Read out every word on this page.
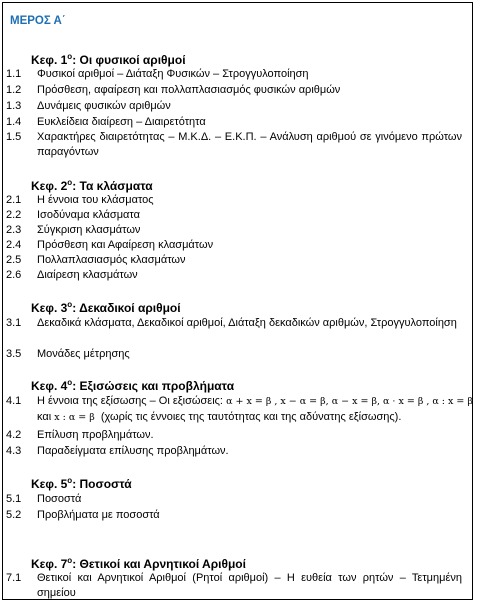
ΜΕΡΟΣ Α΄
Κεφ. $1^o$: Οι φυσικοί αριθμοί
1.1 Φυσικοί αριθμοί – Διάταξη Φυσικών – Στρογγυλοποίηση
1.2 Πρόσθεση, αφαίρεση και πολλαπλασιασμός φυσικών αριθμών
1.3 Δυνάμεις φυσικών αριθμών
1.4 Ευκλείδεια διαίρεση – Διαιρετότητα
1.5 Χαρακτήρες διαιρετότητας – Μ.Κ.Δ. – Ε.Κ.Π. – Ανάλυση αριθμού σε γινόμενο πρώτων παραγόντων
Κεφ. $2^o$: Τα κλάσματα
2.1 Η έννοια του κλάσματος
2.2 Ισοδύναμα κλάσματα
2.3 Σύγκριση κλασμάτων
2.4 Πρόσθεση και Αφαίρεση κλασμάτων
2.5 Πολλαπλασιασμός κλασμάτων
2.6 Διαίρεση κλασμάτων
Κεφ. $3^o$: Δεκαδικοί αριθμοί
3.1 Δεκαδικά κλάσματα, Δεκαδικοί αριθμοί, Διάταξη δεκαδικών αριθμών, Στρογγυλοποίηση
3.5 Μονάδες μέτρησης
Κεφ. $4^o$: Εξισώσεις και προβλήματα
4.1 Η έννοια της εξίσωσης – Οι εξισώσεις: α + x = β , x − α = β, α − x = β, α · x = β , α : x = β
και x : α = β (χωρίς τις έννοιες της ταυτότητας και της αδύνατης εξίσωσης).
4.2 Επίλυση προβλημάτων.
4.3 Παραδείγματα επίλυσης προβλημάτων.
Κεφ. $5^o$: Ποσοστά
5.1 Ποσοστά
5.2 Προβλήματα με ποσοστά
Κεφ. $7^o$: Θετικοί και Αρνητικοί Αριθμοί
7.1 Θετικοί και Αρνητικοί Αριθμοί (Ρητοί αριθμοί) – Η ευθεία των ρητών – Τετμημένη σημείου
